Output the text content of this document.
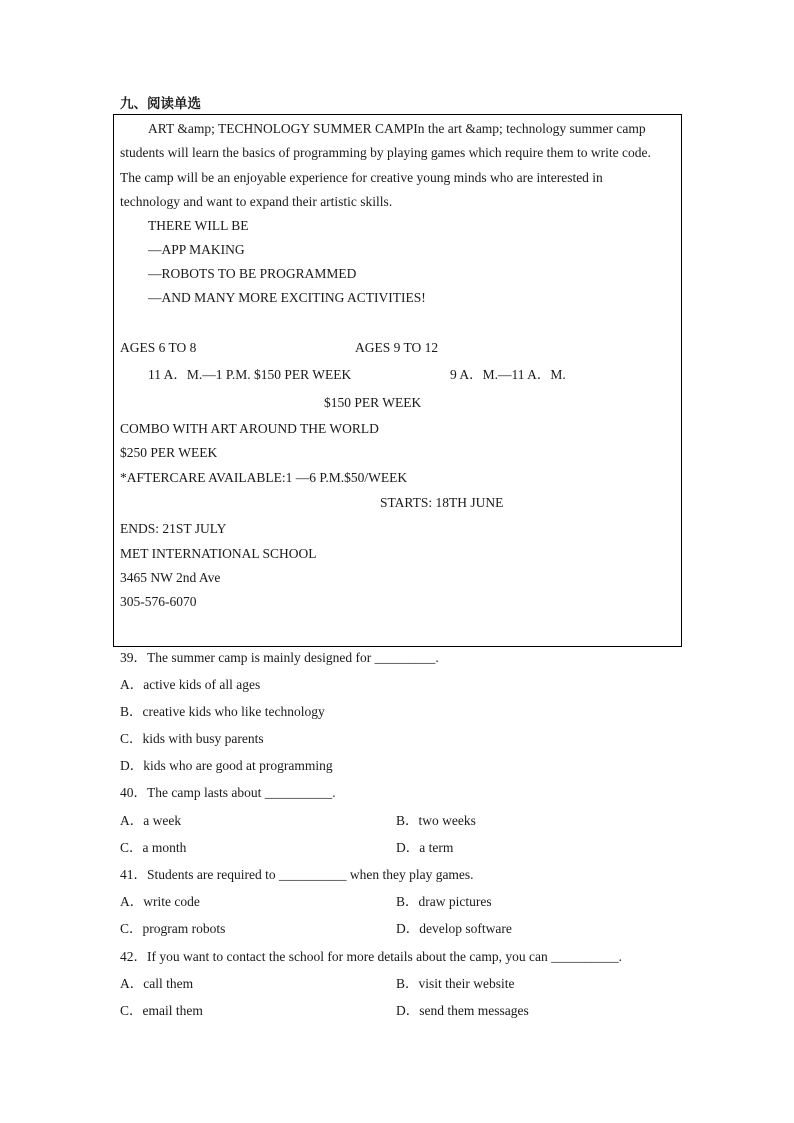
九、阅读单选
ART &amp; TECHNOLOGY SUMMER CAMPIn the art &amp; technology summer camp
students will learn the basics of programming by playing games which require them to write code.
The camp will be an enjoyable experience for creative young minds who are interested in
technology and want to expand their artistic skills.
THERE WILL BE
—APP MAKING
—ROBOTS TO BE PROGRAMMED
—AND MANY MORE EXCITING ACTIVITIES!
AGES 6 TO 8	AGES 9 TO 12
11 A．M.—1 P.M. $150 PER WEEK	9 A．M.—11 A．M.
$150 PER WEEK
COMBO WITH ART AROUND THE WORLD
$250 PER WEEK
*AFTERCARE AVAILABLE:1 —6 P.M.$50/WEEK
STARTS: 18TH JUNE
ENDS: 21ST JULY
MET INTERNATIONAL SCHOOL
3465 NW 2nd Ave
305-576-6070
39．The summer camp is mainly designed for _________.
A．active kids of all ages
B．creative kids who like technology
C．kids with busy parents
D．kids who are good at programming
40．The camp lasts about __________.
A．a week	B．two weeks
C．a month	D．a term
41．Students are required to __________ when they play games.
A．write code	B．draw pictures
C．program robots	D．develop software
42．If you want to contact the school for more details about the camp, you can __________.
A．call them	B．visit their website
C．email them	D．send them messages
